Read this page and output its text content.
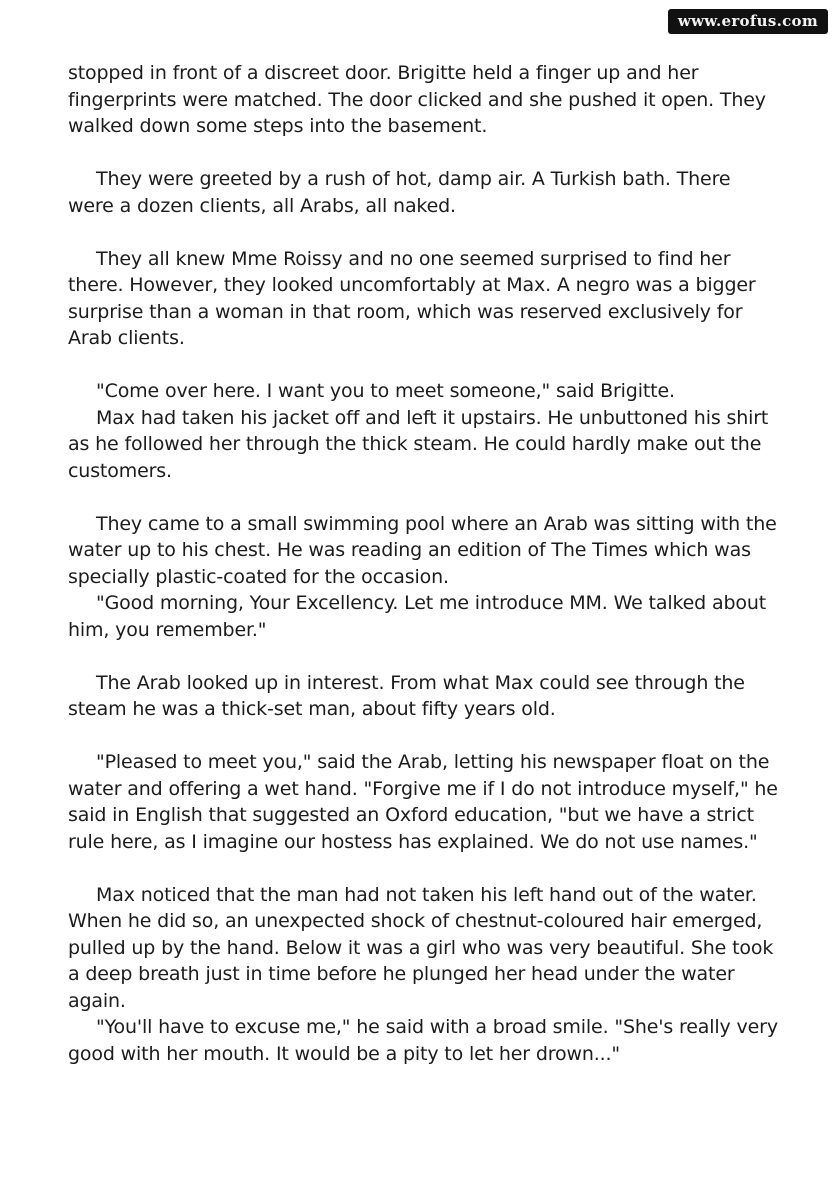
www.erofus.com

stopped in front of a discreet door. Brigitte held a finger up and her fingerprints were matched. The door clicked and she pushed it open. They walked down some steps into the basement.

They were greeted by a rush of hot, damp air. A Turkish bath. There were a dozen clients, all Arabs, all naked.

They all knew Mme Roissy and no one seemed surprised to find her there. However, they looked uncomfortably at Max. A negro was a bigger surprise than a woman in that room, which was reserved exclusively for Arab clients.

"Come over here. I want you to meet someone," said Brigitte.

Max had taken his jacket off and left it upstairs. He unbuttoned his shirt as he followed her through the thick steam. He could hardly make out the customers.

They came to a small swimming pool where an Arab was sitting with the water up to his chest. He was reading an edition of The Times which was specially plastic-coated for the occasion.

"Good morning, Your Excellency. Let me introduce MM. We talked about him, you remember."

The Arab looked up in interest. From what Max could see through the steam he was a thick-set man, about fifty years old.

"Pleased to meet you," said the Arab, letting his newspaper float on the water and offering a wet hand. "Forgive me if I do not introduce myself," he said in English that suggested an Oxford education, "but we have a strict rule here, as I imagine our hostess has explained. We do not use names."

Max noticed that the man had not taken his left hand out of the water. When he did so, an unexpected shock of chestnut-coloured hair emerged, pulled up by the hand. Below it was a girl who was very beautiful. She took a deep breath just in time before he plunged her head under the water again.

"You'll have to excuse me," he said with a broad smile. "She's really very good with her mouth. It would be a pity to let her drown..."
